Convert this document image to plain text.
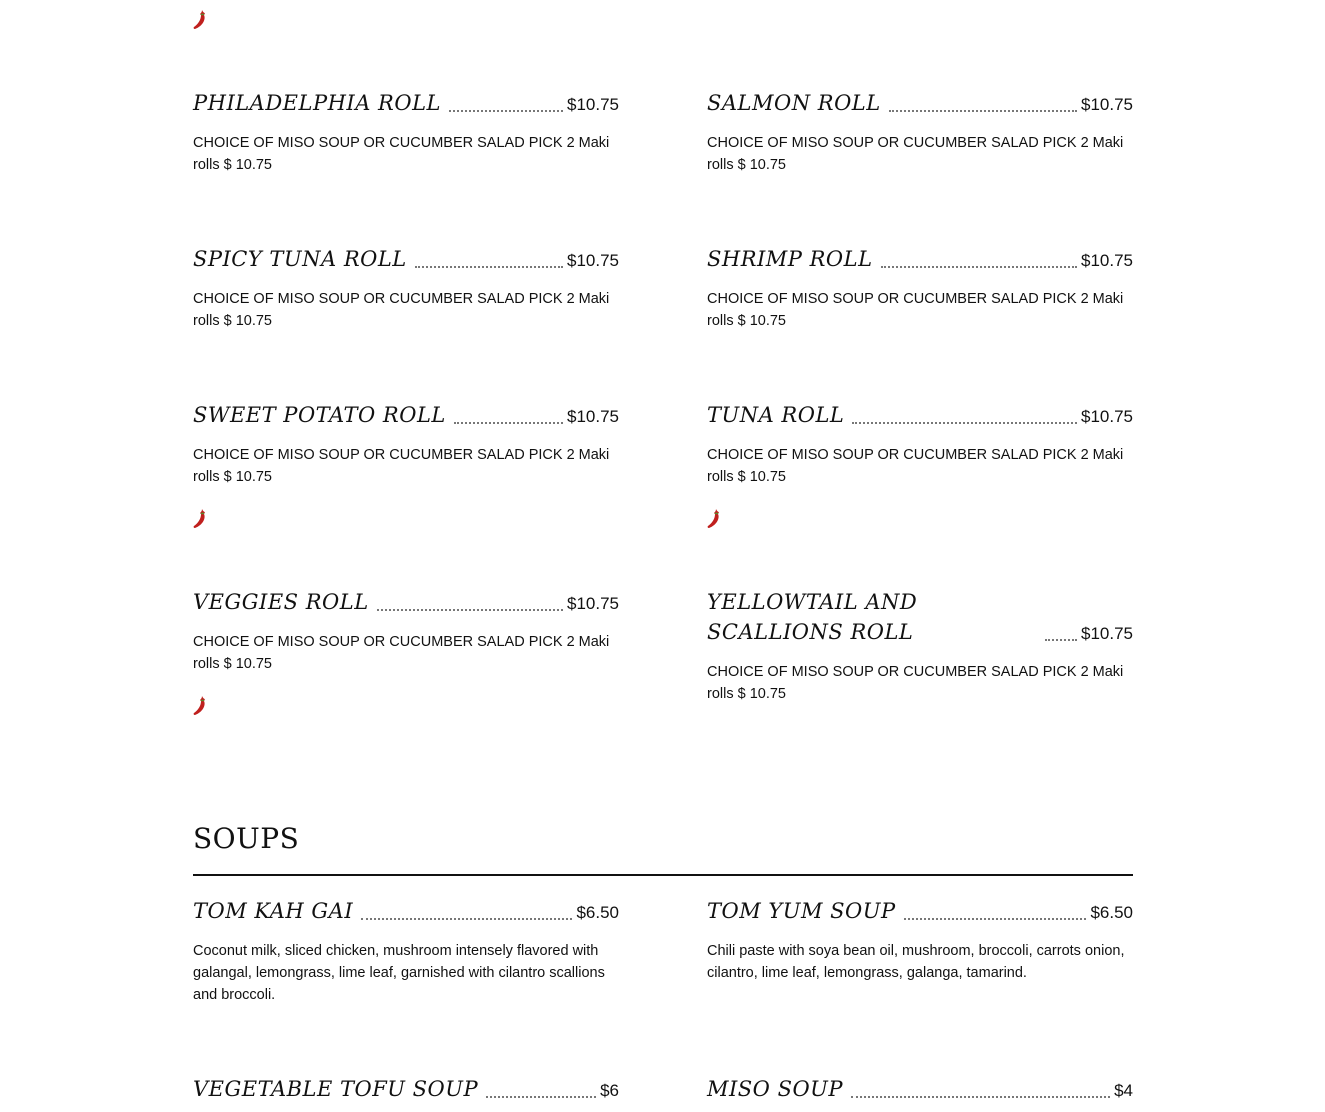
PHILADELPHIA ROLL	$10.75
CHOICE OF MISO SOUP OR CUCUMBER SALAD PICK 2 Maki rolls $ 10.75
SALMON ROLL	$10.75
CHOICE OF MISO SOUP OR CUCUMBER SALAD PICK 2 Maki rolls $ 10.75
SPICY TUNA ROLL	$10.75
CHOICE OF MISO SOUP OR CUCUMBER SALAD PICK 2 Maki rolls $ 10.75
SHRIMP ROLL	$10.75
CHOICE OF MISO SOUP OR CUCUMBER SALAD PICK 2 Maki rolls $ 10.75
SWEET POTATO ROLL	$10.75
CHOICE OF MISO SOUP OR CUCUMBER SALAD PICK 2 Maki rolls $ 10.75
TUNA ROLL	$10.75
CHOICE OF MISO SOUP OR CUCUMBER SALAD PICK 2 Maki rolls $ 10.75
VEGGIES ROLL	$10.75
CHOICE OF MISO SOUP OR CUCUMBER SALAD PICK 2 Maki rolls $ 10.75
YELLOWTAIL AND SCALLIONS ROLL	$10.75
CHOICE OF MISO SOUP OR CUCUMBER SALAD PICK 2 Maki rolls $ 10.75
SOUPS
TOM KAH GAI	$6.50
Coconut milk, sliced chicken, mushroom intensely flavored with galangal, lemongrass, lime leaf, garnished with cilantro scallions and broccoli.
TOM YUM SOUP	$6.50
Chili paste with soya bean oil, mushroom, broccoli, carrots onion, cilantro, lime leaf, lemongrass, galanga, tamarind.
VEGETABLE TOFU SOUP	$6	MISO SOUP	$4
